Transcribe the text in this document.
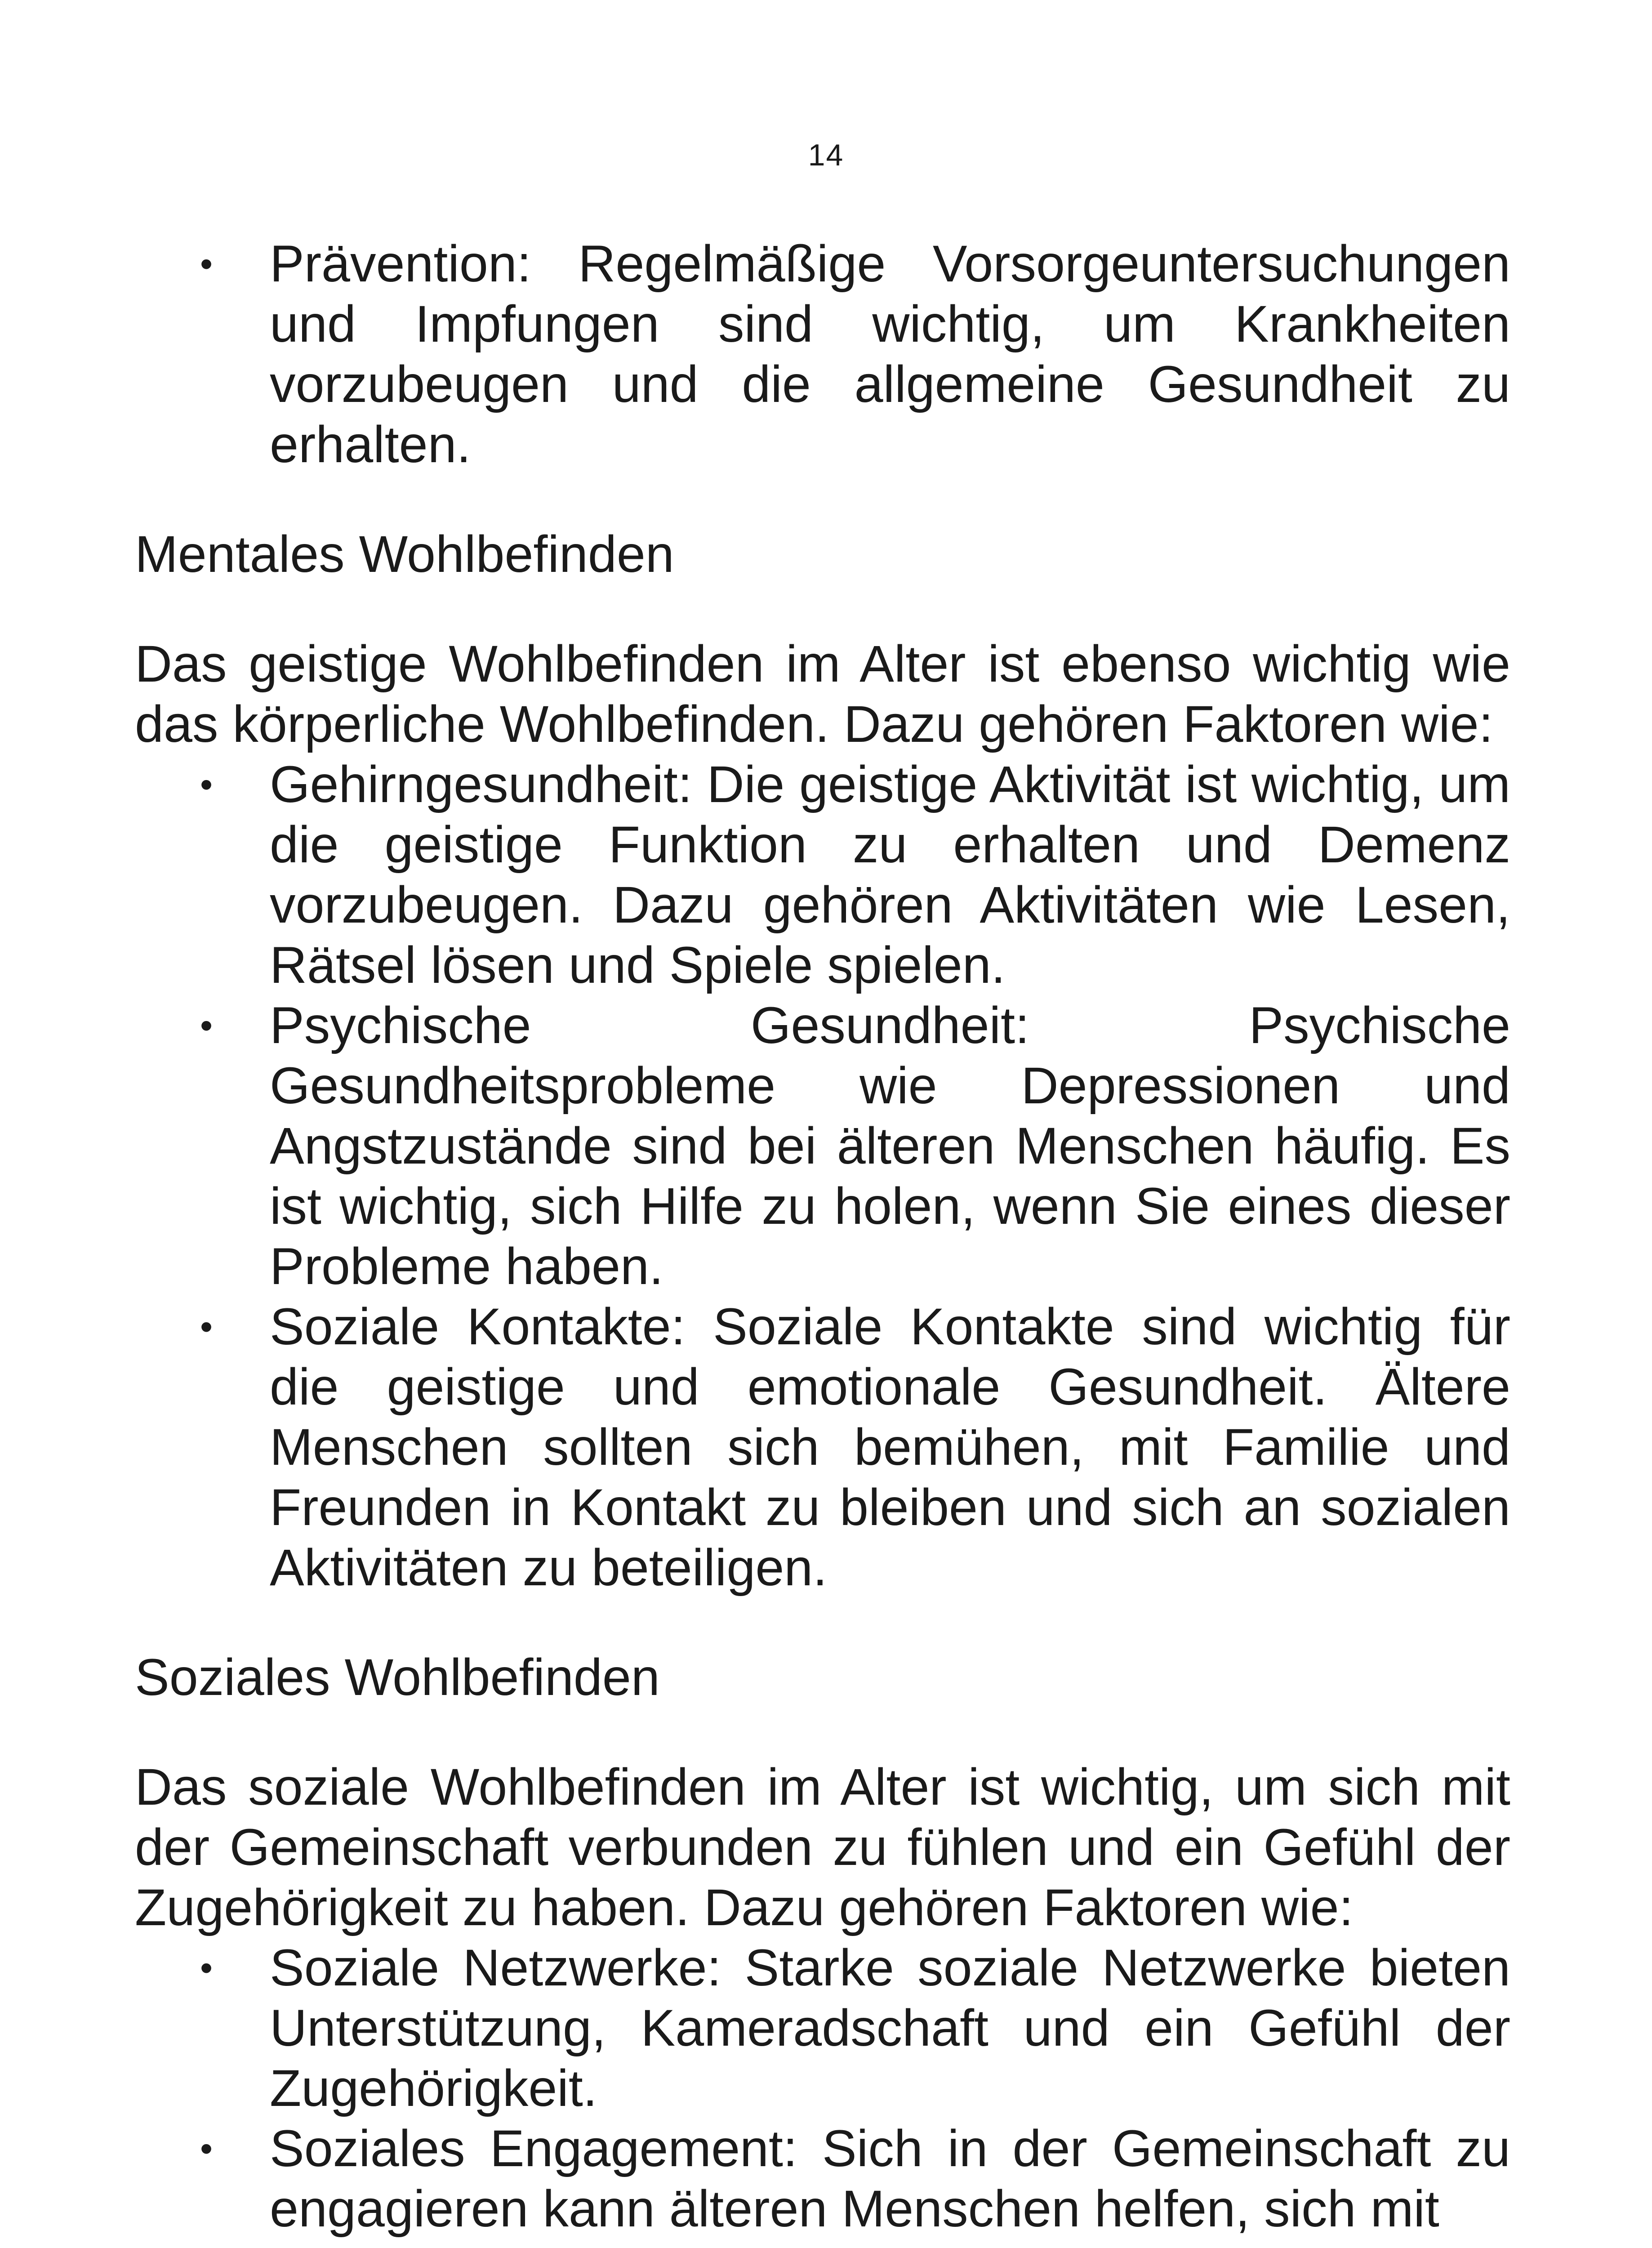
14
• Prävention: Regelmäßige Vorsorgeuntersuchungen und Impfungen sind wichtig, um Krankheiten vorzubeugen und die allgemeine Gesundheit zu erhalten.
Mentales Wohlbefinden

Das geistige Wohlbefinden im Alter ist ebenso wichtig wie das körperliche Wohlbefinden. Dazu gehören Faktoren wie:

• Gehirngesundheit: Die geistige Aktivität ist wichtig, um die geistige Funktion zu erhalten und Demenz vorzubeugen. Dazu gehören Aktivitäten wie Lesen, Rätsel lösen und Spiele spielen.
• Psychische Gesundheit: Psychische Gesundheitsprobleme wie Depressionen und Angstzustände sind bei älteren Menschen häufig. Es ist wichtig, sich Hilfe zu holen, wenn Sie eines dieser Probleme haben.
• Soziale Kontakte: Soziale Kontakte sind wichtig für die geistige und emotionale Gesundheit. Ältere Menschen sollten sich bemühen, mit Familie und Freunden in Kontakt zu bleiben und sich an sozialen Aktivitäten zu beteiligen.
Soziales Wohlbefinden

Das soziale Wohlbefinden im Alter ist wichtig, um sich mit der Gemeinschaft verbunden zu fühlen und ein Gefühl der Zugehörigkeit zu haben. Dazu gehören Faktoren wie:

• Soziale Netzwerke: Starke soziale Netzwerke bieten Unterstützung, Kameradschaft und ein Gefühl der Zugehörigkeit.
• Soziales Engagement: Sich in der Gemeinschaft zu engagieren kann älteren Menschen helfen, sich mit
